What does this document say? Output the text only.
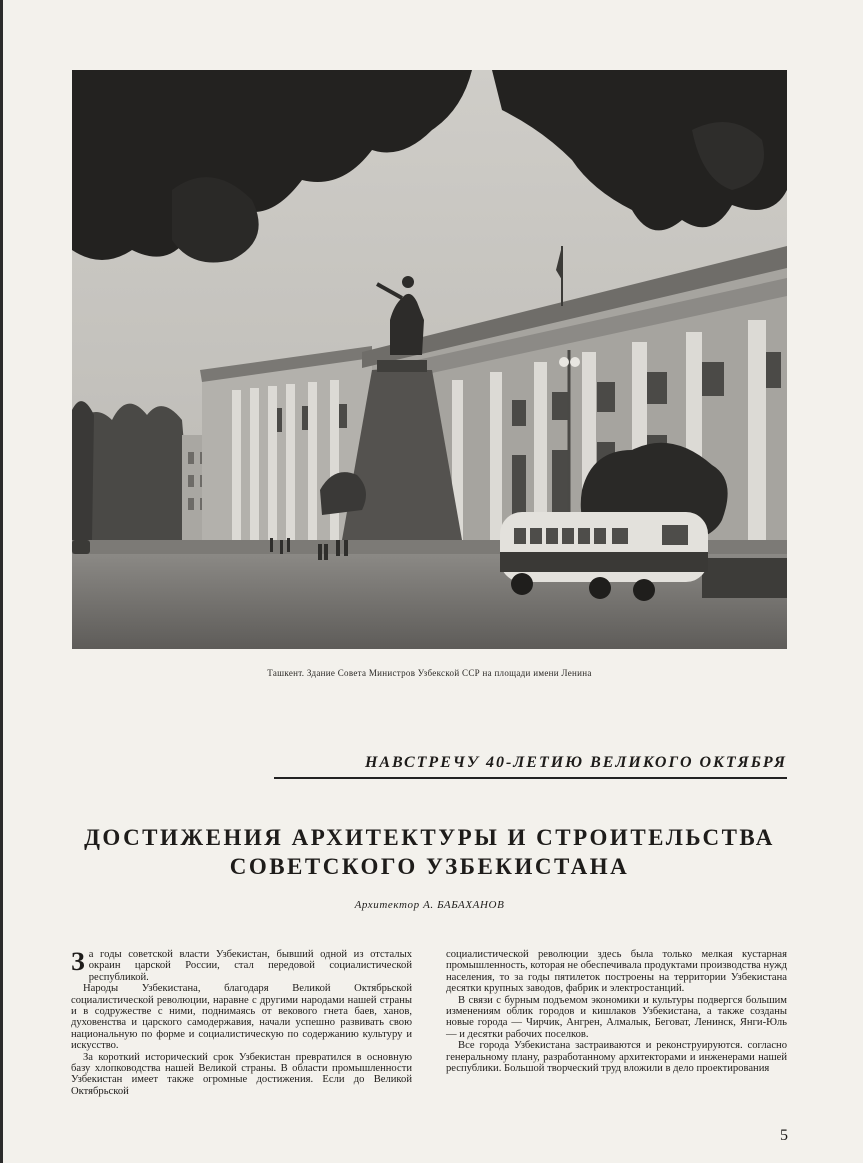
Ташкент. Здание Совета Министров Узбекской ССР на площади имени Ленина
НАВСТРЕЧУ 40-ЛЕТИЮ ВЕЛИКОГО ОКТЯБРЯ
ДОСТИЖЕНИЯ АРХИТЕКТУРЫ И СТРОИТЕЛЬСТВА
СОВЕТСКОГО УЗБЕКИСТАНА
Архитектор А. БАБАХАНОВ

За годы советской власти Узбекистан, бывший одной из отсталых окраин царской России, стал передовой социалистической республикой.

Народы Узбекистана, благодаря Великой Октябрьской социалистической революции, наравне с другими народами нашей страны и в содружестве с ними, поднимаясь от векового гнета баев, ханов, духовенства и царского самодержавия, начали успешно развивать свою национальную по форме и социалистическую по содержанию культуру и искусство.

За короткий исторический срок Узбекистан превратился в основную базу хлопководства нашей Великой страны. В области промышленности Узбекистан имеет также огромные достижения. Если до Великой Октябрьской

социалистической революции здесь была только мелкая кустарная промышленность, которая не обеспечивала продуктами производства нужд населения, то за годы пятилеток построены на территории Узбекистана десятки крупных заводов, фабрик и электростанций.

В связи с бурным подъемом экономики и культуры подвергся большим изменениям облик городов и кишлаков Узбекистана, а также созданы новые города — Чирчик, Ангрен, Алмалык, Беговат, Ленинск, Янги-Юль — и десятки рабочих поселков.

Все города Узбекистана застраиваются и реконструируются. согласно генеральному плану, разработанному архитекторами и инженерами нашей республики. Большой творческий труд вложили в дело проектирования

5
